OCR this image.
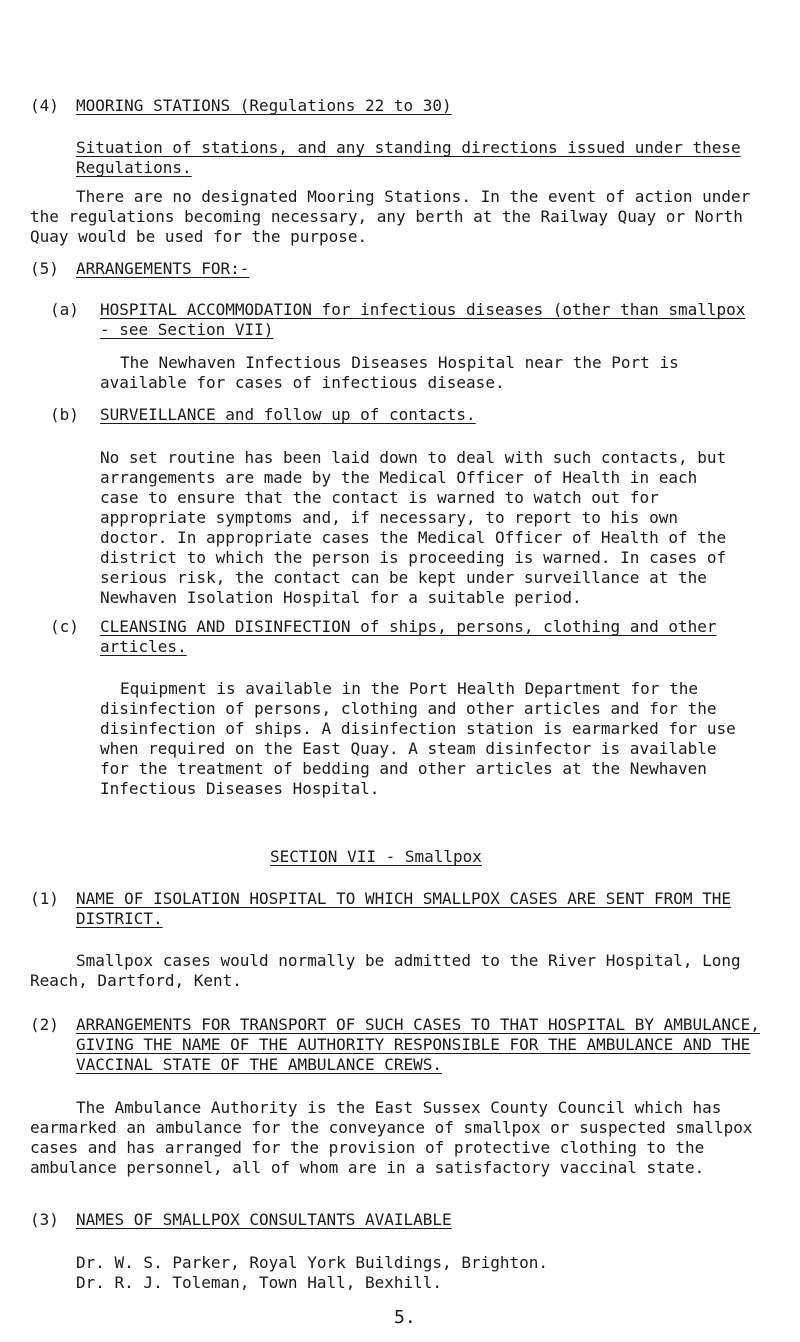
(4) MOORING STATIONS (Regulations 22 to 30)

Situation of stations, and any standing directions issued under these Regulations.

There are no designated Mooring Stations. In the event of action under the regulations becoming necessary, any berth at the Railway Quay or North Quay would be used for the purpose.

(5) ARRANGEMENTS FOR:-
(a) HOSPITAL ACCOMMODATION for infectious diseases (other than smallpox - see Section VII)

The Newhaven Infectious Diseases Hospital near the Port is available for cases of infectious disease.

(b) SURVEILLANCE and follow up of contacts.

No set routine has been laid down to deal with such contacts, but arrangements are made by the Medical Officer of Health in each case to ensure that the contact is warned to watch out for appropriate symptoms and, if necessary, to report to his own doctor. In appropriate cases the Medical Officer of Health of the district to which the person is proceeding is warned. In cases of serious risk, the contact can be kept under surveillance at the Newhaven Isolation Hospital for a suitable period.

(c) CLEANSING AND DISINFECTION of ships, persons, clothing and other articles.

Equipment is available in the Port Health Department for the disinfection of persons, clothing and other articles and for the disinfection of ships. A disinfection station is earmarked for use when required on the East Quay. A steam disinfector is available for the treatment of bedding and other articles at the Newhaven Infectious Diseases Hospital.

SECTION VII - Smallpox
(1) NAME OF ISOLATION HOSPITAL TO WHICH SMALLPOX CASES ARE SENT FROM THE DISTRICT.

Smallpox cases would normally be admitted to the River Hospital, Long Reach, Dartford, Kent.

(2) ARRANGEMENTS FOR TRANSPORT OF SUCH CASES TO THAT HOSPITAL BY AMBULANCE, GIVING THE NAME OF THE AUTHORITY RESPONSIBLE FOR THE AMBULANCE AND THE VACCINAL STATE OF THE AMBULANCE CREWS.

The Ambulance Authority is the East Sussex County Council which has earmarked an ambulance for the conveyance of smallpox or suspected smallpox cases and has arranged for the provision of protective clothing to the ambulance personnel, all of whom are in a satisfactory vaccinal state.

(3) NAMES OF SMALLPOX CONSULTANTS AVAILABLE
Dr. W. S. Parker, Royal York Buildings, Brighton.
Dr. R. J. Toleman, Town Hall, Bexhill.
5.
